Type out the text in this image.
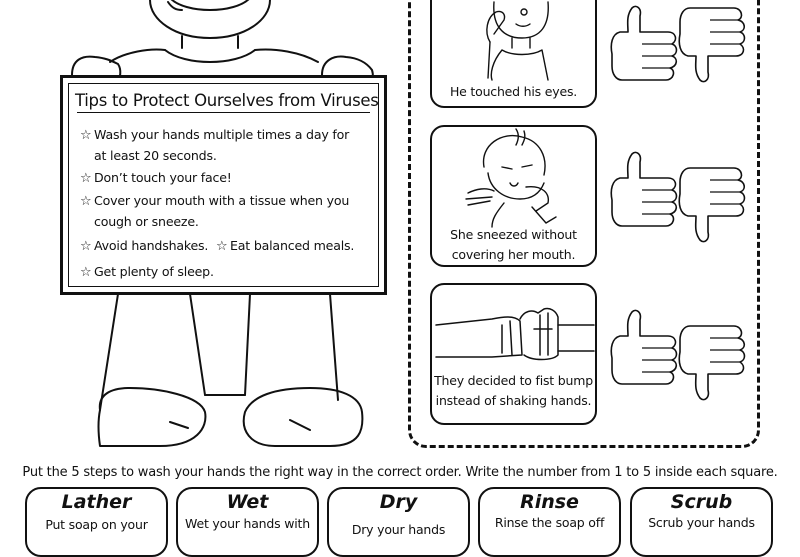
Tips to Protect Ourselves from Viruses
☆ Wash your hands multiple times a day for
at least 20 seconds.
☆ Don’t touch your face!
☆ Cover your mouth with a tissue when you
cough or sneeze.
☆ Avoid handshakes. ☆ Eat balanced meals.
☆ Get plenty of sleep.
He touched his eyes.
She sneezed without
covering her mouth.
They decided to fist bump
instead of shaking hands.
Put the 5 steps to wash your hands the right way in the correct order. Write the number from 1 to 5 inside each square.
Lather
Put soap on your
Wet
Wet your hands with
Dry
Dry your hands
Rinse
Rinse the soap off
Scrub
Scrub your hands
